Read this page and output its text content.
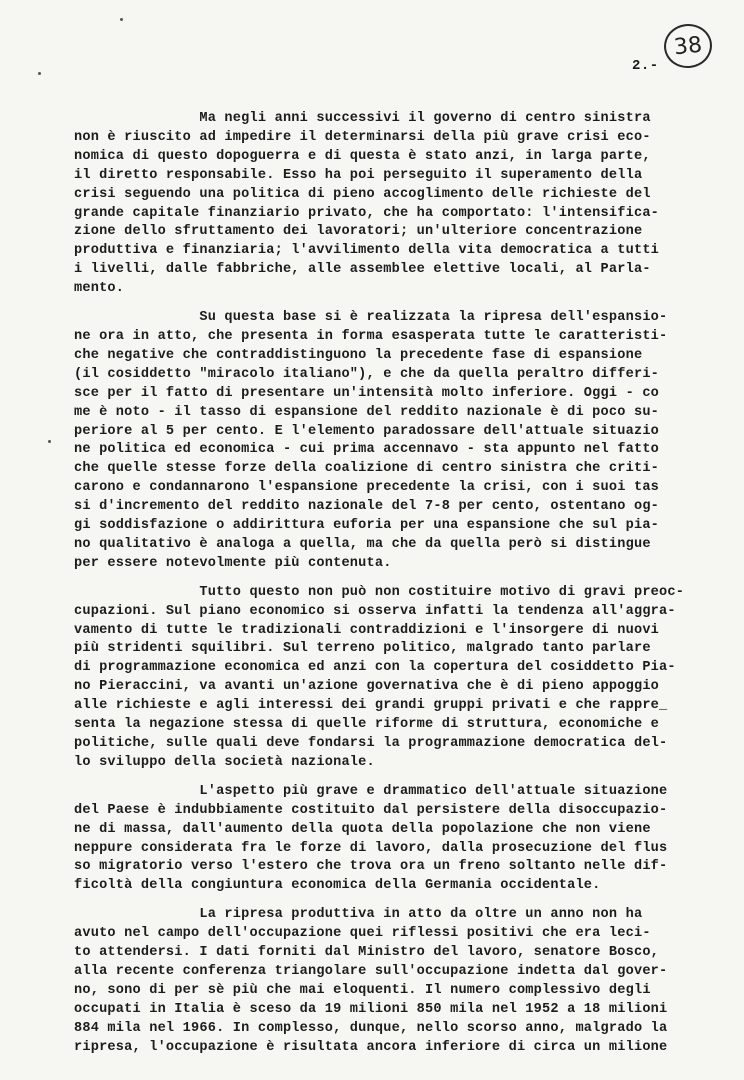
38
2.-
Ma negli anni successivi il governo di centro sinistra
non è riuscito ad impedire il determinarsi della più grave crisi eco-
nomica di questo dopoguerra e di questa è stato anzi, in larga parte,
il diretto responsabile. Esso ha poi perseguito il superamento della
crisi seguendo una politica di pieno accoglimento delle richieste del
grande capitale finanziario privato, che ha comportato: l'intensifica-
zione dello sfruttamento dei lavoratori; un'ulteriore concentrazione
produttiva e finanziaria; l'avvilimento della vita democratica a tutti
i livelli, dalle fabbriche, alle assemblee elettive locali, al Parla-
mento.
Su questa base si è realizzata la ripresa dell'espansio-
ne ora in atto, che presenta in forma esasperata tutte le caratteristi-
che negative che contraddistinguono la precedente fase di espansione
(il cosiddetto "miracolo italiano"), e che da quella peraltro differi-
sce per il fatto di presentare un'intensità molto inferiore. Oggi - co
me è noto - il tasso di espansione del reddito nazionale è di poco su-
periore al 5 per cento. E l'elemento paradossare dell'attuale situazio
ne politica ed economica - cui prima accennavo - sta appunto nel fatto
che quelle stesse forze della coalizione di centro sinistra che criti-
carono e condannarono l'espansione precedente la crisi, con i suoi tas
si d'incremento del reddito nazionale del 7-8 per cento, ostentano og-
gi soddisfazione o addirittura euforia per una espansione che sul pia-
no qualitativo è analoga a quella, ma che da quella però si distingue
per essere notevolmente più contenuta.
Tutto questo non può non costituire motivo di gravi preoc-
cupazioni. Sul piano economico si osserva infatti la tendenza all'aggra-
vamento di tutte le tradizionali contraddizioni e l'insorgere di nuovi
più stridenti squilibri. Sul terreno politico, malgrado tanto parlare
di programmazione economica ed anzi con la copertura del cosiddetto Pia-
no Pieraccini, va avanti un'azione governativa che è di pieno appoggio
alle richieste e agli interessi dei grandi gruppi privati e che rappre_
senta la negazione stessa di quelle riforme di struttura, economiche e
politiche, sulle quali deve fondarsi la programmazione democratica del-
lo sviluppo della società nazionale.
L'aspetto più grave e drammatico dell'attuale situazione
del Paese è indubbiamente costituito dal persistere della disoccupazio-
ne di massa, dall'aumento della quota della popolazione che non viene
neppure considerata fra le forze di lavoro, dalla prosecuzione del flus
so migratorio verso l'estero che trova ora un freno soltanto nelle dif-
ficoltà della congiuntura economica della Germania occidentale.
La ripresa produttiva in atto da oltre un anno non ha
avuto nel campo dell'occupazione quei riflessi positivi che era leci-
to attendersi. I dati forniti dal Ministro del lavoro, senatore Bosco,
alla recente conferenza triangolare sull'occupazione indetta dal gover-
no, sono di per sè più che mai eloquenti. Il numero complessivo degli
occupati in Italia è sceso da 19 milioni 850 mila nel 1952 a 18 milioni
884 mila nel 1966. In complesso, dunque, nello scorso anno, malgrado la
ripresa, l'occupazione è risultata ancora inferiore di circa un milione
